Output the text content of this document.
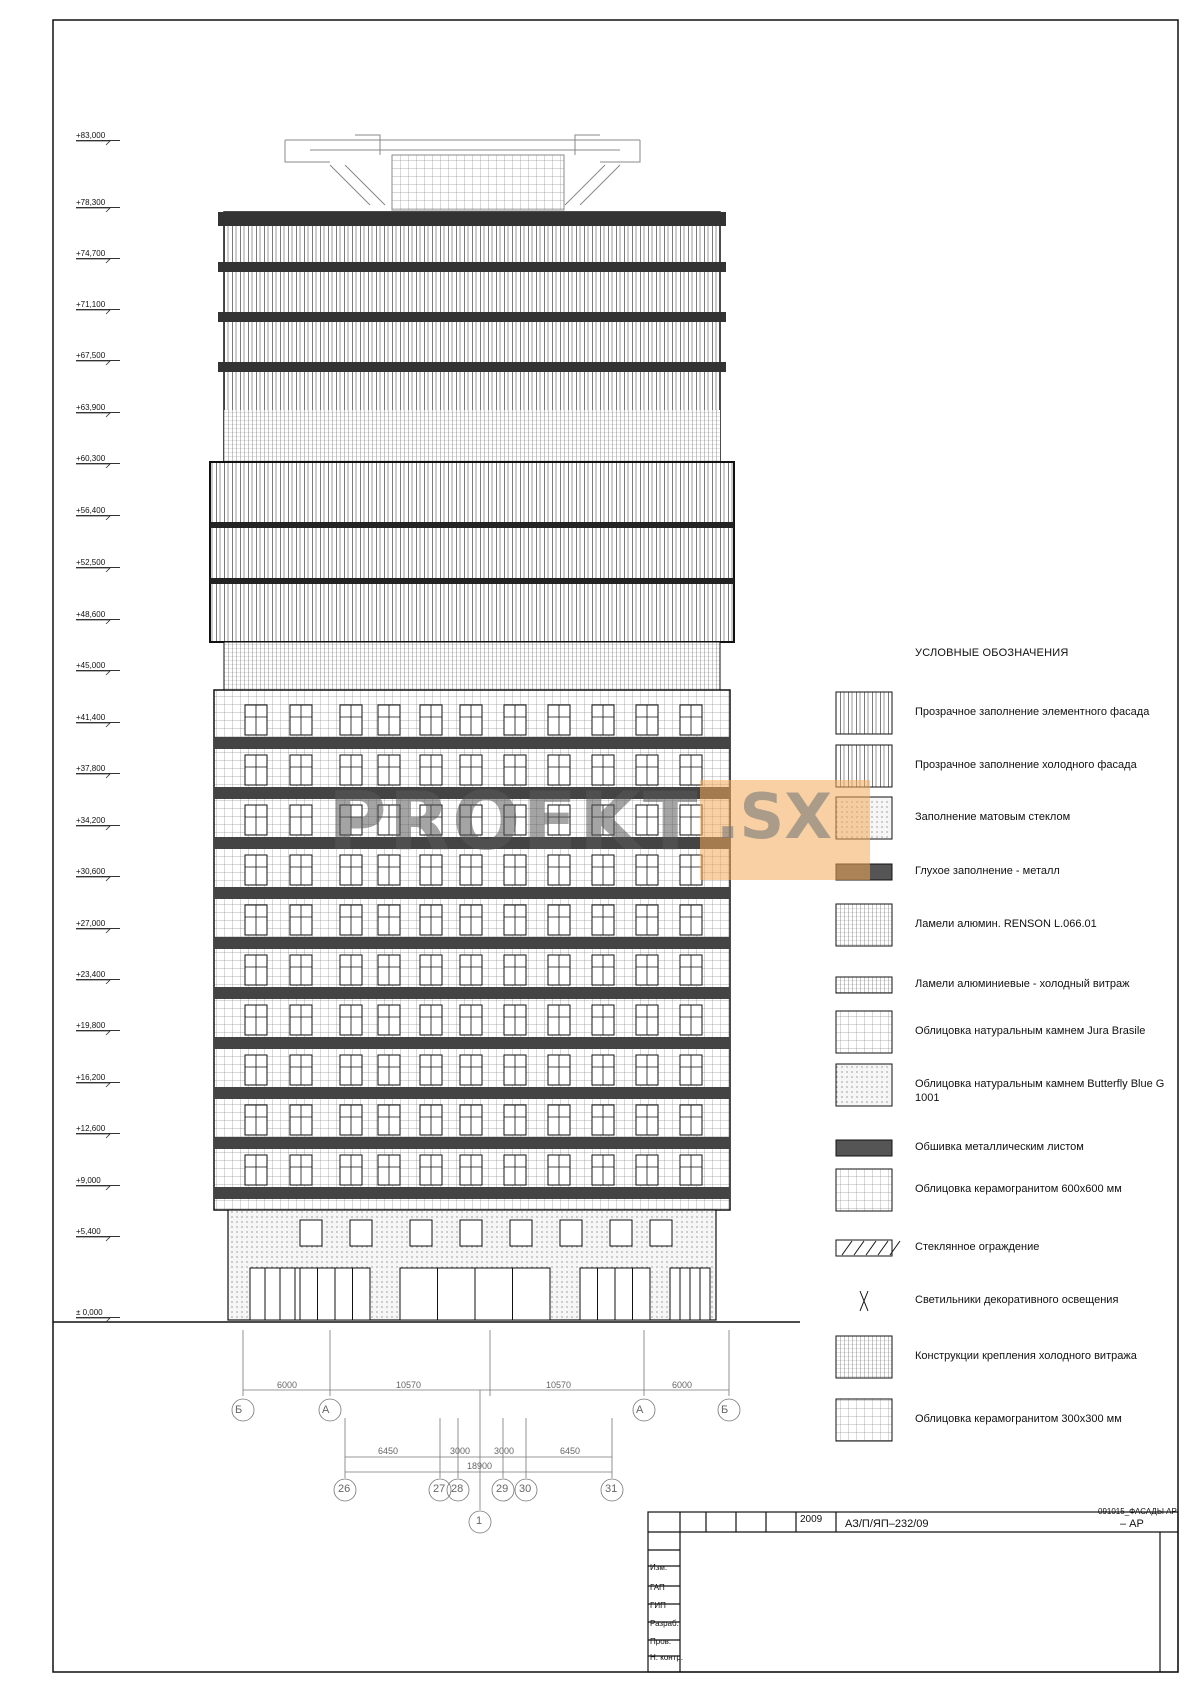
+83,000
+78,300
+74,700
+71,100
+67,500
+63,900
+60,300
+56,400
+52,500
+48,600
+45,000
+41,400
+37,800
+34,200
+30,600
+27,000
+23,400
+19,800
+16,200
+12,600
+9,000
+5,400
± 0,000
6000	10570	10570	6000
Б	А	А	Б
6450	3000	3000	6450
18900
26	27 28	29 30	31
1
УСЛОВНЫЕ ОБОЗНАЧЕНИЯ
Прозрачное заполнение элементного фасада
Прозрачное заполнение холодного фасада
Заполнение матовым стеклом
Глухое заполнение - металл
Ламели алюмин. RENSON L.066.01
Ламели алюминиевые - холодный витраж
Облицовка натуральным камнем Jura Brasile
Облицовка натуральным камнем Butterfly Blue G 1001
Обшивка металлическим листом
Облицовка керамогранитом 600х600 мм
Стеклянное ограждение
Светильники декоративного освещения
Конструкции крепления холодного витража
Облицовка керамогранитом 300х300 мм
091015_ФАСАДЫ АР
2009 АЗ/П/ЯП–232/09	– АР
Изм.
ГАП
ГИП
Разраб.
Пров.
Н. контр.
PROEKT .SX
